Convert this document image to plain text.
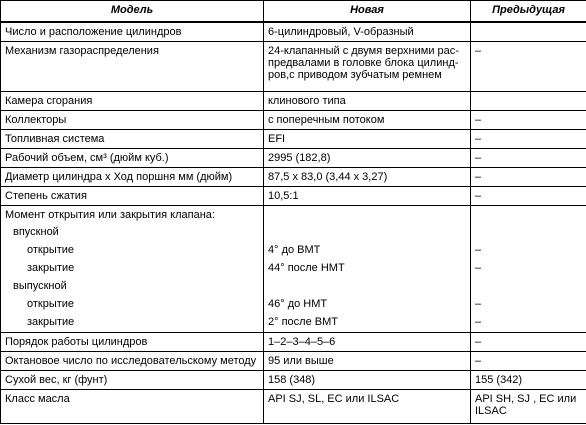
Модель	Новая	Предыдущая
Число и расположение цилиндров	6-цилиндровый, V-образный	
Механизм газораспределения	24-клапанный с двумя верхними рас-
предвалами в головке блока цилинд-
ров,с приводом зубчатым ремнем	–
Камера сгорания	клинового типа	
Коллекторы	с поперечным потоком	–
Топливная система	EFI	–
Рабочий объем, см³ (дюйм куб.)	2995 (182,8)	–
Диаметр цилиндра х Ход поршня мм (дюйм)	87,5 х 83,0 (3,44 х 3,27)	–
Степень сжатия	10,5:1	–
Момент открытия или закрытия клапана:		
впускной		
открытие	4° до ВМТ	–
закрытие	44° после НМТ	–
выпускной		
открытие	46° до НМТ	–
закрытие	2° после ВМТ	–
Порядок работы цилиндров	1–2–3–4–5–6	–
Октановое число по исследовательскому методу	95 или выше	–
Сухой вес, кг (фунт)	158 (348)	155 (342)
Класс масла	API SJ, SL, EC или ILSAC	API SH, SJ , EC или
ILSAC
